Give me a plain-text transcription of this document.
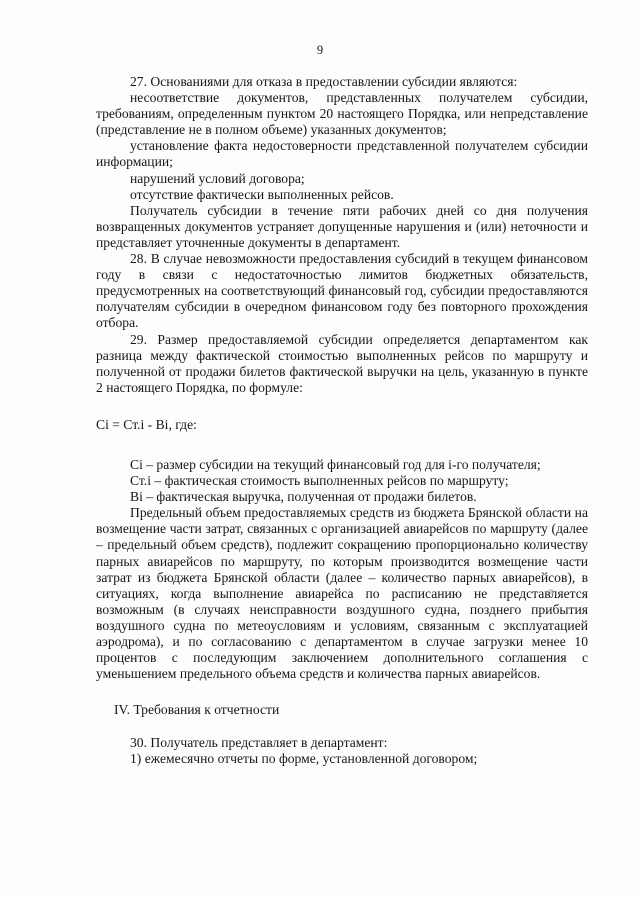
9

27. Основаниями для отказа в предоставлении субсидии являются:

несоответствие документов, представленных получателем субсидии, требованиям, определенным пунктом 20 настоящего Порядка, или непредставление (представление не в полном объеме) указанных документов;

установление факта недостоверности представленной получателем субсидии информации;

нарушений условий договора;

отсутствие фактически выполненных рейсов.

Получатель субсидии в течение пяти рабочих дней со дня получения возвращенных документов устраняет допущенные нарушения и (или) неточности и представляет уточненные документы в департамент.

28. В случае невозможности предоставления субсидий в текущем финансовом году в связи с недостаточностью лимитов бюджетных обязательств, предусмотренных на соответствующий финансовый год, субсидии предоставляются получателям субсидии в очередном финансовом году без повторного прохождения отбора.

29. Размер предоставляемой субсидии определяется департаментом как разница между фактической стоимостью выполненных рейсов по маршруту и полученной от продажи билетов фактической выручки на цель, указанную в пункте 2 настоящего Порядка, по формуле:

Сi = Ст.i - Вi, где:

Сi – размер субсидии на текущий финансовый год для i-го получателя;

Ст.i – фактическая стоимость выполненных рейсов по маршруту;

Вi – фактическая выручка, полученная от продажи билетов.

Предельный объем предоставляемых средств из бюджета Брянской области на возмещение части затрат, связанных с организацией авиарейсов по маршруту (далее – предельный объем средств), подлежит сокращению пропорционально количеству парных авиарейсов по маршруту, по которым производится возмещение части затрат из бюджета Брянской области (далее – количество парных авиарейсов), в ситуациях, когда выполнение авиарейса по расписанию не представляется возможным (в случаях неисправности воздушного судна, позднего прибытия воздушного судна по метеоусловиям и условиям, связанным с эксплуатацией аэродрома), и по согласованию с департаментом в случае загрузки менее 10 процентов с последующим заключением дополнительного соглашения с уменьшением предельного объема средств и количества парных авиарейсов.

IV. Требования к отчетности

30. Получатель представляет в департамент:

1) ежемесячно отчеты по форме, установленной договором;
